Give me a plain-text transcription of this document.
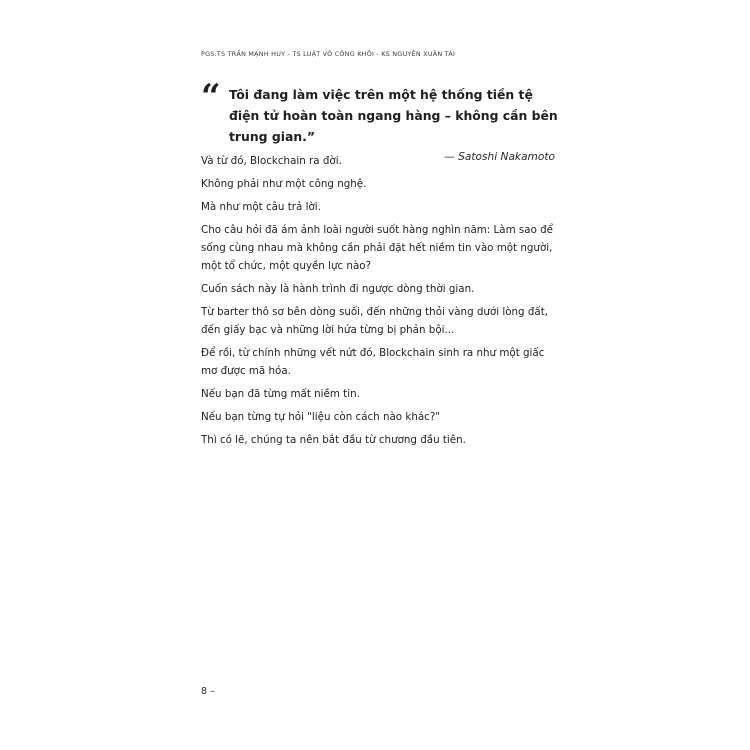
PGS.TS TRẦN MẠNH HUY - TS LUẬT VÕ CÔNG KHÔI - KS NGUYỄN XUÂN TÀI
“ Tôi đang làm việc trên một hệ thống tiền tệ điện tử hoàn toàn ngang hàng – không cần bên trung gian.”
— Satoshi Nakamoto

Và từ đó, Blockchain ra đời.

Không phải như một công nghệ.

Mà như một câu trả lời.

Cho câu hỏi đã ám ảnh loài người suốt hàng nghìn năm: Làm sao để sống cùng nhau mà không cần phải đặt hết niềm tin vào một người, một tổ chức, một quyền lực nào?

Cuốn sách này là hành trình đi ngược dòng thời gian.

Từ barter thô sơ bên dòng suối, đến những thỏi vàng dưới lòng đất, đến giấy bạc và những lời hứa từng bị phản bội...

Để rồi, từ chính những vết nứt đó, Blockchain sinh ra như một giấc mơ được mã hóa.

Nếu bạn đã từng mất niềm tin.

Nếu bạn từng tự hỏi "liệu còn cách nào khác?"

Thì có lẽ, chúng ta nên bắt đầu từ chương đầu tiên.

8 –
